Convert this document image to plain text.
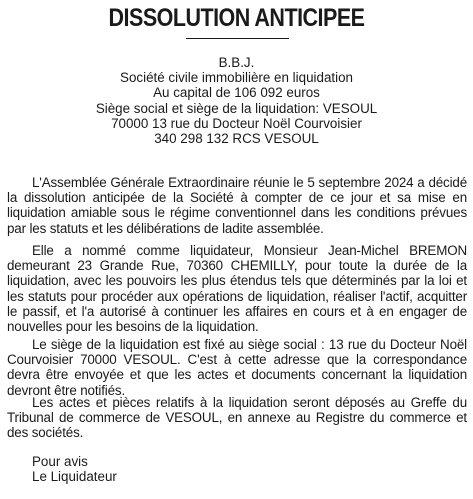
DISSOLUTION ANTICIPEE
B.B.J.
Société civile immobilière en liquidation
Au capital de 106 092 euros
Siège social et siège de la liquidation: VESOUL
70000 13 rue du Docteur Noël Courvoisier
340 298 132 RCS VESOUL

L'Assemblée Générale Extraordinaire réunie le 5 septembre 2024 a décidé la dissolution anticipée de la Société à compter de ce jour et sa mise en liquidation amiable sous le régime conventionnel dans les conditions prévues par les statuts et les délibérations de ladite assemblée.

Elle a nommé comme liquidateur, Monsieur Jean-Michel BREMON demeurant 23 Grande Rue, 70360 CHEMILLY, pour toute la durée de la liquidation, avec les pouvoirs les plus étendus tels que déterminés par la loi et les statuts pour procéder aux opérations de liquidation, réaliser l'actif, acquitter le passif, et l'a autorisé à continuer les affaires en cours et à en engager de nouvelles pour les besoins de la liquidation.

Le siège de la liquidation est fixé au siège social : 13 rue du Docteur Noël Courvoisier 70000 VESOUL. C'est à cette adresse que la correspondance devra être envoyée et que les actes et documents concernant la liquidation devront être notifiés.

Les actes et pièces relatifs à la liquidation seront déposés au Greffe du Tribunal de commerce de VESOUL, en annexe au Registre du commerce et des sociétés.

Pour avis
Le Liquidateur
